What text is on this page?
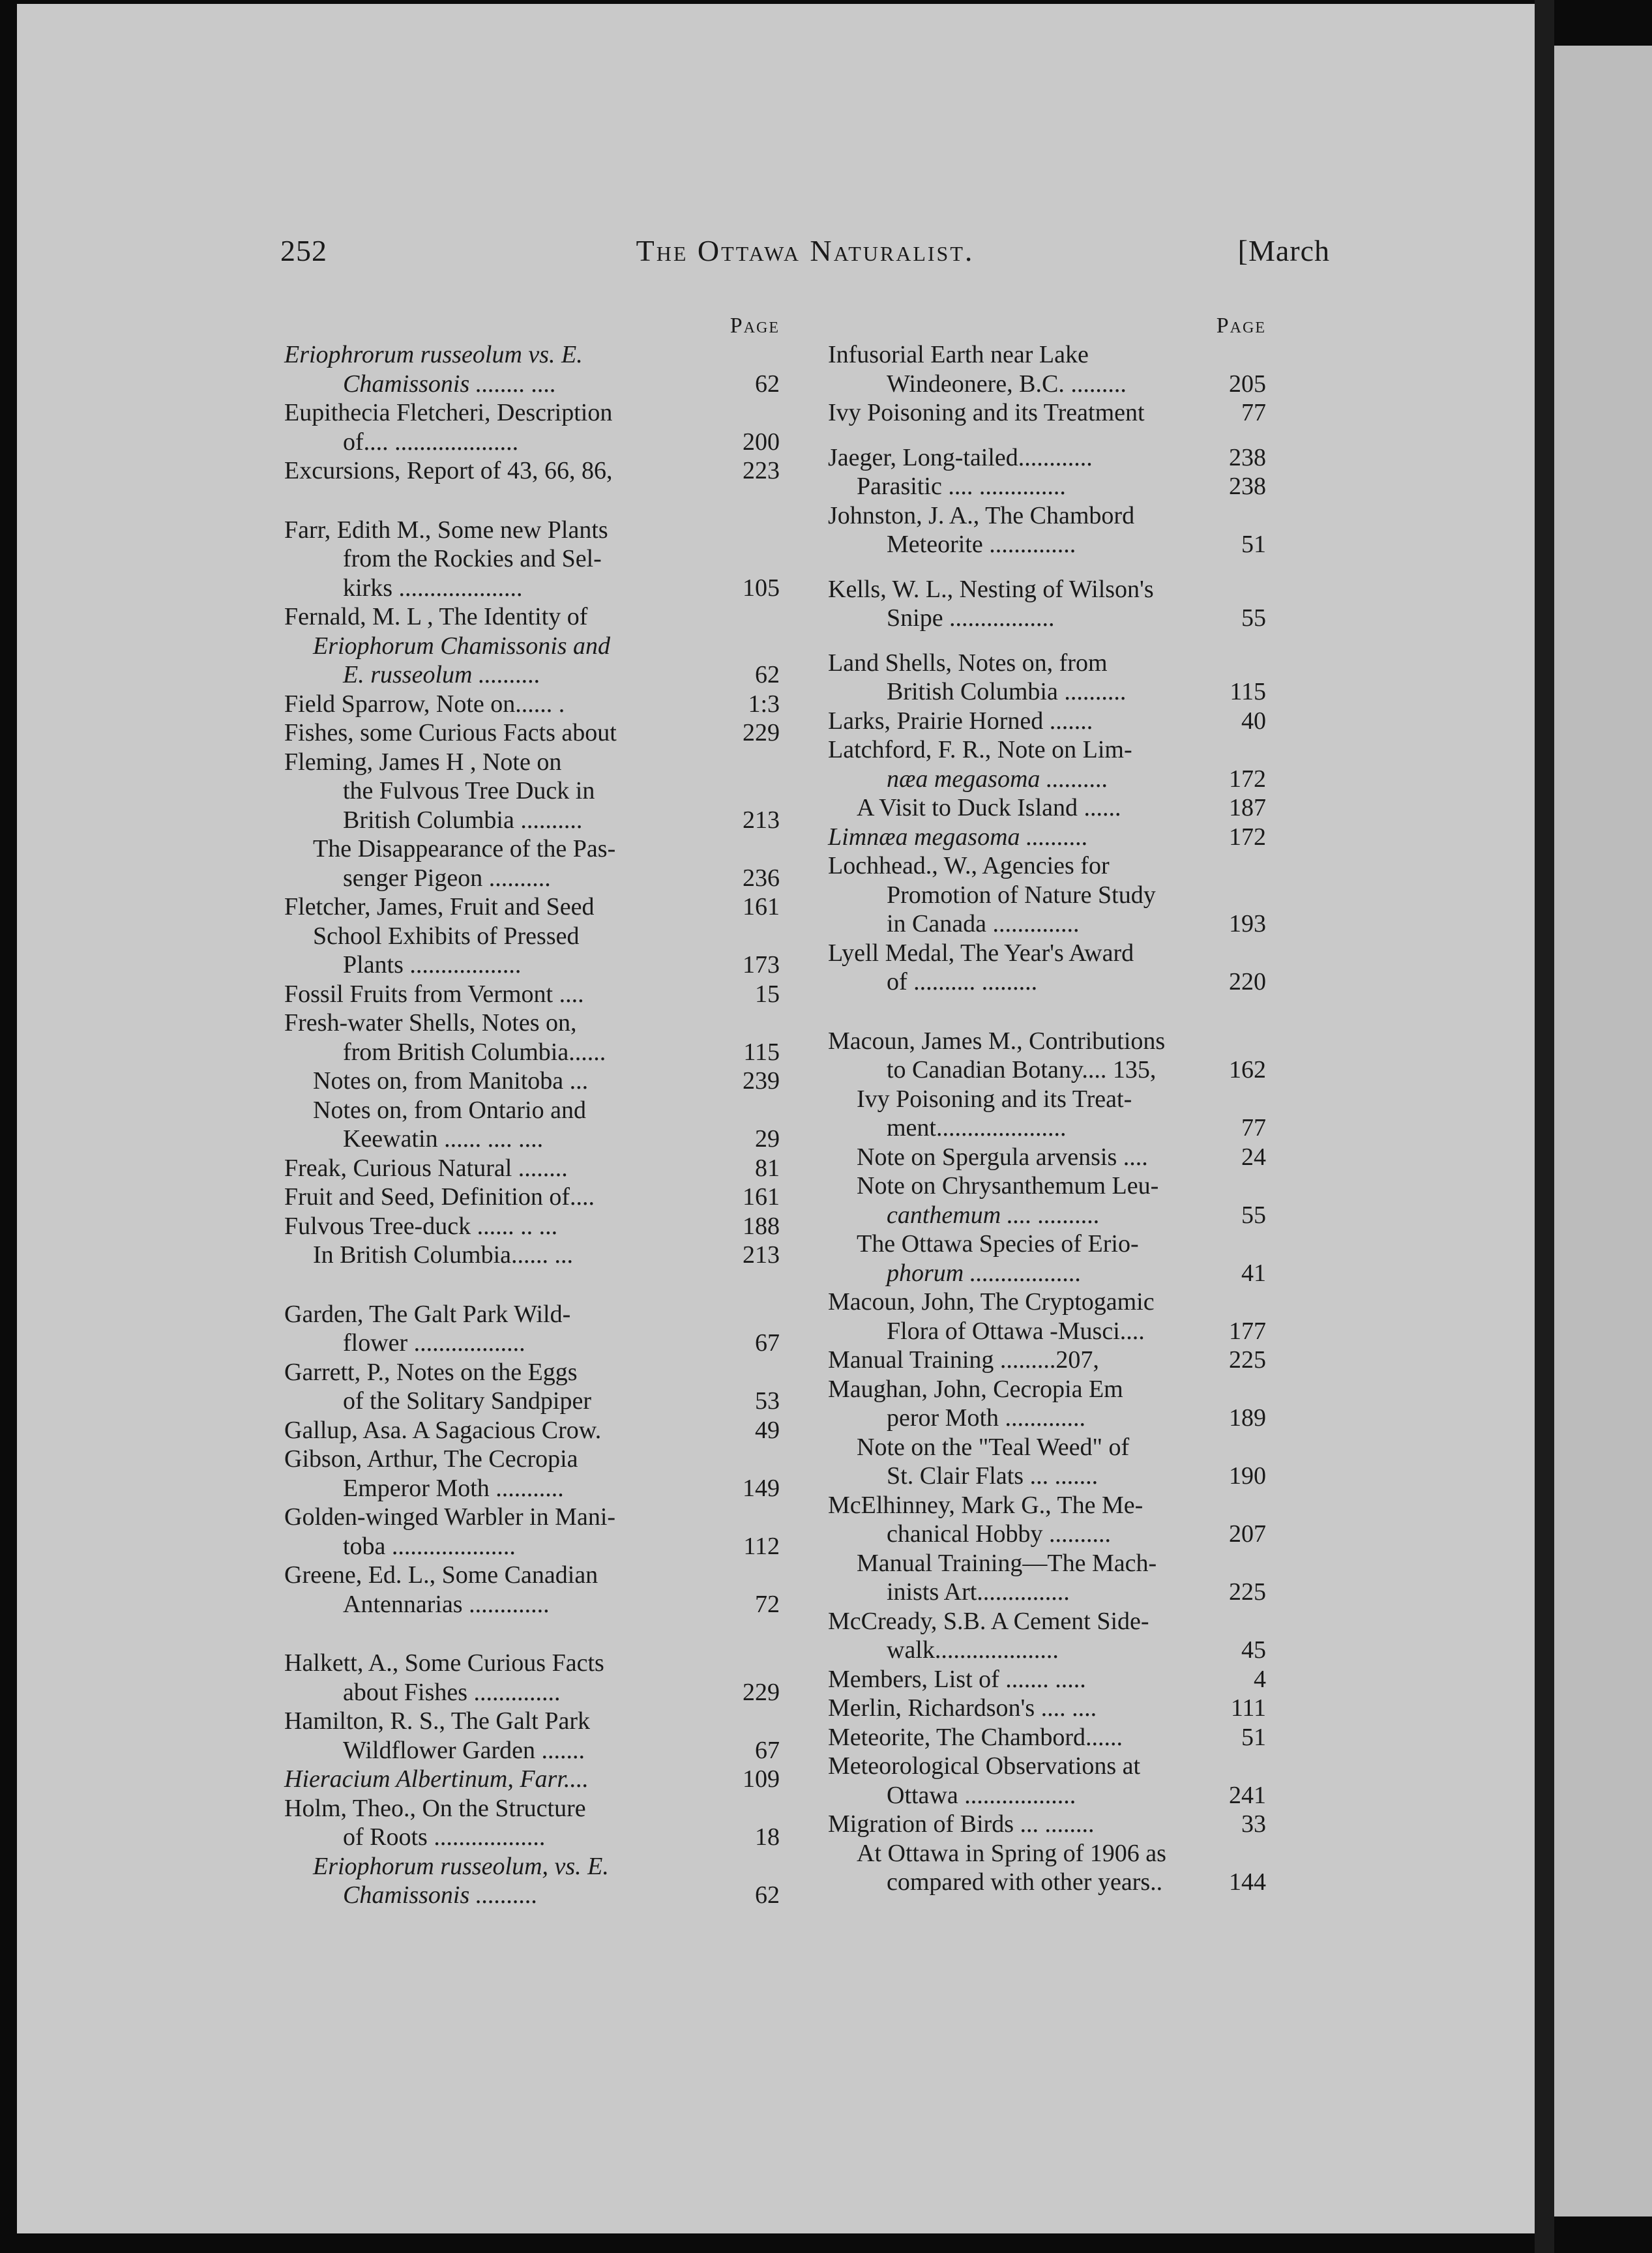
252	The Ottawa Naturalist.	[March
Page
Eriophrorum russeolum vs. E.
Chamissonis ........ ....	62
Eupithecia Fletcheri, Description
of.... ....................	200
Excursions, Report of 43, 66, 86,	223
Farr, Edith M., Some new Plants
from the Rockies and Sel-
kirks ....................	105
Fernald, M. L , The Identity of
Eriophorum Chamissonis and
E. russeolum ..........	62
Field Sparrow, Note on...... .	1:3
Fishes, some Curious Facts about	229
Fleming, James H , Note on
the Fulvous Tree Duck in
British Columbia ..........	213
The Disappearance of the Pas-
senger Pigeon ..........	236
Fletcher, James, Fruit and Seed	161
School Exhibits of Pressed
Plants ..................	173
Fossil Fruits from Vermont ....	15
Fresh-water Shells, Notes on,
from British Columbia......	115
Notes on, from Manitoba ...	239
Notes on, from Ontario and
Keewatin ...... .... ....	29
Freak, Curious Natural ........	81
Fruit and Seed, Definition of....	161
Fulvous Tree-duck ...... .. ...	188
In British Columbia...... ...	213
Garden, The Galt Park Wild-
flower ..................	67
Garrett, P., Notes on the Eggs
of the Solitary Sandpiper	53
Gallup, Asa. A Sagacious Crow.	49
Gibson, Arthur, The Cecropia
Emperor Moth ...........	149
Golden-winged Warbler in Mani-
toba ....................	112
Greene, Ed. L., Some Canadian
Antennarias .............	72
Halkett, A., Some Curious Facts
about Fishes ..............	229
Hamilton, R. S., The Galt Park
Wildflower Garden .......	67
Hieracium Albertinum, Farr....	109
Holm, Theo., On the Structure
of Roots ..................	18
Eriophorum russeolum, vs. E.
Chamissonis ..........	62
Page
Infusorial Earth near Lake
Windeonere, B.C. .........	205
Ivy Poisoning and its Treatment	77
Jaeger, Long-tailed............	238
Parasitic .... ..............	238
Johnston, J. A., The Chambord
Meteorite ..............	51
Kells, W. L., Nesting of Wilson's
Snipe .................	55
Land Shells, Notes on, from
British Columbia ..........	115
Larks, Prairie Horned .......	40
Latchford, F. R., Note on Lim-
næa megasoma ..........	172
A Visit to Duck Island ......	187
Limnæa megasoma ..........	172
Lochhead., W., Agencies for
Promotion of Nature Study
in Canada ..............	193
Lyell Medal, The Year's Award
of .......... .........	220
Macoun, James M., Contributions
to Canadian Botany.... 135,	162
Ivy Poisoning and its Treat-
ment.....................	77
Note on Spergula arvensis ....	24
Note on Chrysanthemum Leu-
canthemum .... ..........	55
The Ottawa Species of Erio-
phorum ..................	41
Macoun, John, The Cryptogamic
Flora of Ottawa -Musci....	177
Manual Training .........207,	225
Maughan, John, Cecropia Em
peror Moth .............	189
Note on the "Teal Weed" of
St. Clair Flats ... .......	190
McElhinney, Mark G., The Me-
chanical Hobby ..........	207
Manual Training—The Mach-
inists Art...............	225
McCready, S.B. A Cement Side-
walk....................	45
Members, List of ....... .....	4
Merlin, Richardson's .... ....	111
Meteorite, The Chambord......	51
Meteorological Observations at
Ottawa ..................	241
Migration of Birds ... ........	33
At Ottawa in Spring of 1906 as
compared with other years..	144
